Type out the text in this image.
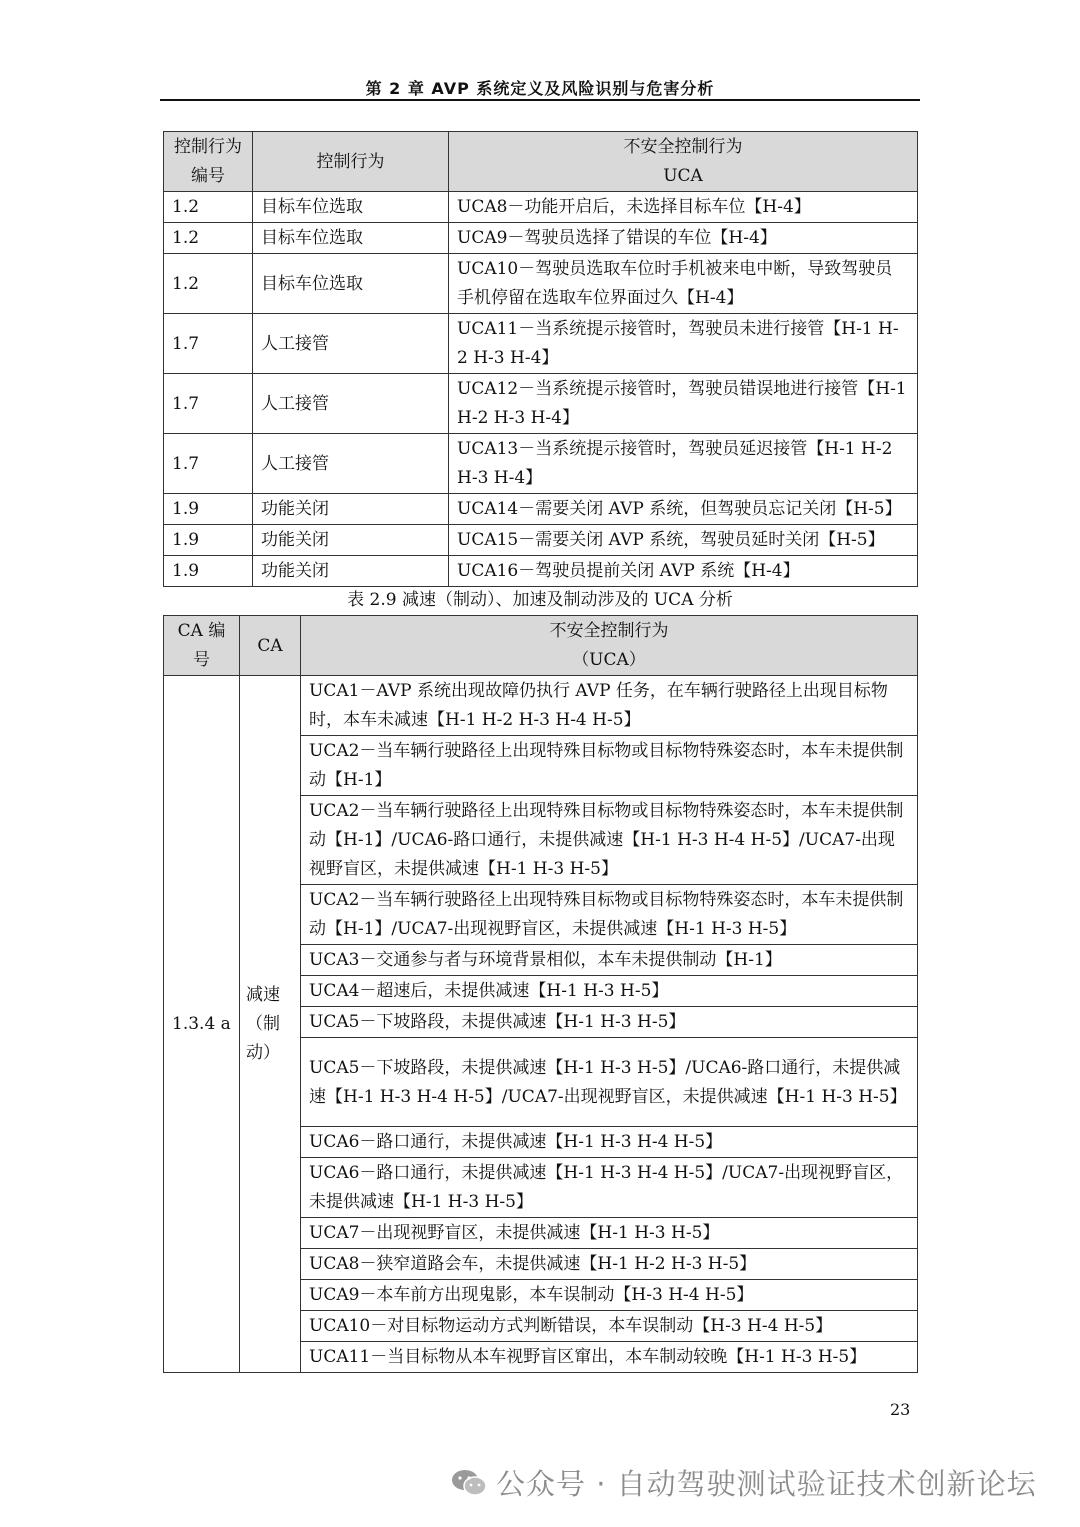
第 2 章 AVP 系统定义及风险识别与危害分析
控制行为编号	控制行为	不安全控制行为
UCA

1.2	目标车位选取	UCA8－功能开启后，未选择目标车位【H-4】
1.2	目标车位选取	UCA9－驾驶员选择了错误的车位【H-4】
1.2	目标车位选取	UCA10－驾驶员选取车位时手机被来电中断，导致驾驶员手机停留在选取车位界面过久【H-4】
1.7	人工接管	UCA11－当系统提示接管时，驾驶员未进行接管【H-1 H-2 H-3 H-4】
1.7	人工接管	UCA12－当系统提示接管时，驾驶员错误地进行接管【H-1 H-2 H-3 H-4】
1.7	人工接管	UCA13－当系统提示接管时，驾驶员延迟接管【H-1 H-2 H-3 H-4】
1.9	功能关闭	UCA14－需要关闭 AVP 系统，但驾驶员忘记关闭【H-5】
1.9	功能关闭	UCA15－需要关闭 AVP 系统，驾驶员延时关闭【H-5】
1.9	功能关闭	UCA16－驾驶员提前关闭 AVP 系统【H-4】
表 2.9 减速（制动）、加速及制动涉及的 UCA 分析
CA 编号	CA	不安全控制行为
（UCA）

1.3.4 a	减速（制动）	UCA1－AVP 系统出现故障仍执行 AVP 任务，在车辆行驶路径上出现目标物时，本车未减速【H-1 H-2 H-3 H-4 H-5】
		UCA2－当车辆行驶路径上出现特殊目标物或目标物特殊姿态时，本车未提供制动【H-1】
		UCA2－当车辆行驶路径上出现特殊目标物或目标物特殊姿态时，本车未提供制动【H-1】/UCA6-路口通行，未提供减速【H-1 H-3 H-4 H-5】/UCA7-出现视野盲区，未提供减速【H-1 H-3 H-5】
		UCA2－当车辆行驶路径上出现特殊目标物或目标物特殊姿态时，本车未提供制动【H-1】/UCA7-出现视野盲区，未提供减速【H-1 H-3 H-5】
		UCA3－交通参与者与环境背景相似，本车未提供制动【H-1】
		UCA4－超速后，未提供减速【H-1 H-3 H-5】
		UCA5－下坡路段，未提供减速【H-1 H-3 H-5】
		UCA5－下坡路段，未提供减速【H-1 H-3 H-5】/UCA6-路口通行，未提供减速【H-1 H-3 H-4 H-5】/UCA7-出现视野盲区，未提供减速【H-1 H-3 H-5】
		UCA6－路口通行，未提供减速【H-1 H-3 H-4 H-5】
		UCA6－路口通行，未提供减速【H-1 H-3 H-4 H-5】/UCA7-出现视野盲区，未提供减速【H-1 H-3 H-5】
		UCA7－出现视野盲区，未提供减速【H-1 H-3 H-5】
		UCA8－狭窄道路会车，未提供减速【H-1 H-2 H-3 H-5】
		UCA9－本车前方出现鬼影，本车误制动【H-3 H-4 H-5】
		UCA10－对目标物运动方式判断错误，本车误制动【H-3 H-4 H-5】
		UCA11－当目标物从本车视野盲区窜出，本车制动较晚【H-1 H-3 H-5】
23
公众号 · 自动驾驶测试验证技术创新论坛
